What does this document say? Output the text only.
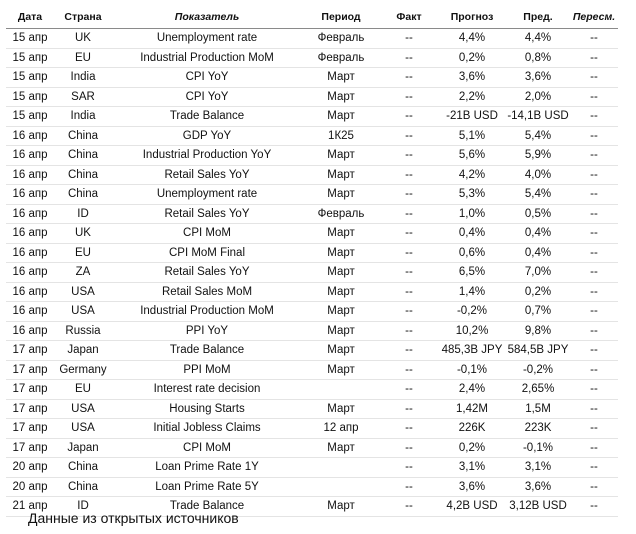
Дата	Страна	Показатель	Период	Факт	Прогноз	Пред.	Пересм.
15 апр	UK	Unemployment rate	Февраль	--	4,4%	4,4%	--
15 апр	EU	Industrial Production MoM	Февраль	--	0,2%	0,8%	--
15 апр	India	CPI YoY	Март	--	3,6%	3,6%	--
15 апр	SAR	CPI YoY	Март	--	2,2%	2,0%	--
15 апр	India	Trade Balance	Март	--	-21B USD	-14,1B USD	--
16 апр	China	GDP YoY	1К25	--	5,1%	5,4%	--
16 апр	China	Industrial Production YoY	Март	--	5,6%	5,9%	--
16 апр	China	Retail Sales YoY	Март	--	4,2%	4,0%	--
16 апр	China	Unemployment rate	Март	--	5,3%	5,4%	--
16 апр	ID	Retail Sales YoY	Февраль	--	1,0%	0,5%	--
16 апр	UK	CPI MoM	Март	--	0,4%	0,4%	--
16 апр	EU	CPI MoM Final	Март	--	0,6%	0,4%	--
16 апр	ZA	Retail Sales YoY	Март	--	6,5%	7,0%	--
16 апр	USA	Retail Sales MoM	Март	--	1,4%	0,2%	--
16 апр	USA	Industrial Production MoM	Март	--	-0,2%	0,7%	--
16 апр	Russia	PPI YoY	Март	--	10,2%	9,8%	--
17 апр	Japan	Trade Balance	Март	--	485,3B JPY	584,5B JPY	--
17 апр	Germany	PPI MoM	Март	--	-0,1%	-0,2%	--
17 апр	EU	Interest rate decision		--	2,4%	2,65%	--
17 апр	USA	Housing Starts	Март	--	1,42M	1,5M	--
17 апр	USA	Initial Jobless Claims	12 апр	--	226K	223K	--
17 апр	Japan	CPI MoM	Март	--	0,2%	-0,1%	--
20 апр	China	Loan Prime Rate 1Y		--	3,1%	3,1%	--
20 апр	China	Loan Prime Rate 5Y		--	3,6%	3,6%	--
21 апр	ID	Trade Balance	Март	--	4,2B USD	3,12B USD	--
Данные из открытых источников
